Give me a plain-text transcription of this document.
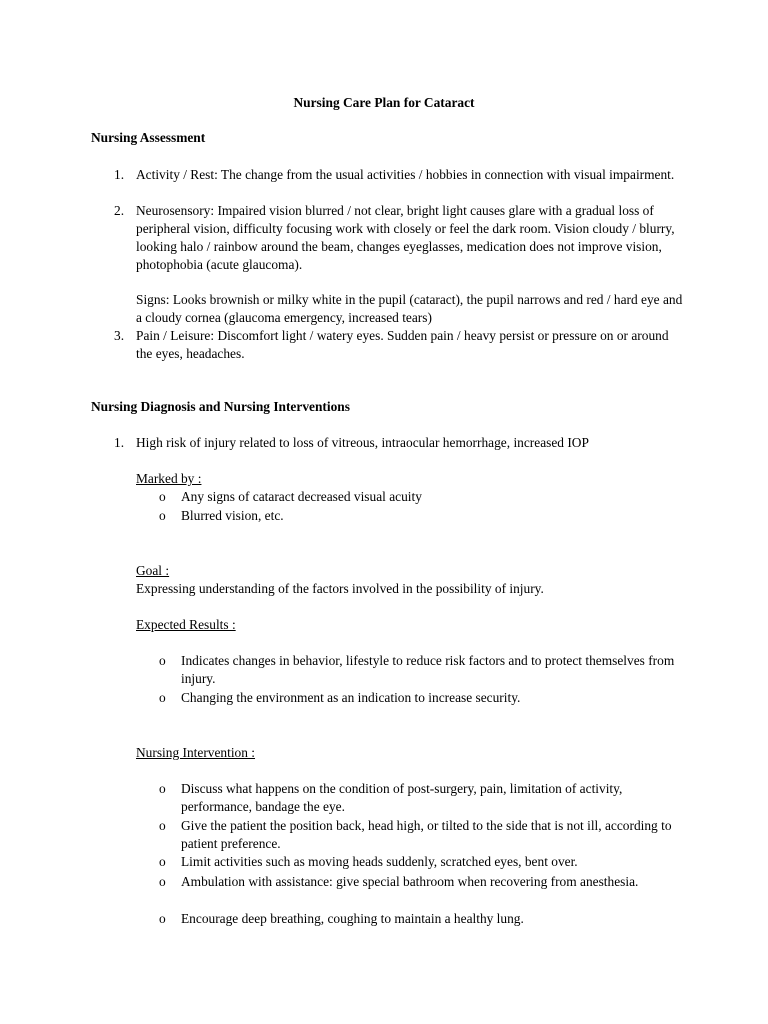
Nursing Care Plan for Cataract
Nursing Assessment
1. Activity / Rest: The change from the usual activities / hobbies in connection with visual impairment.
2. Neurosensory: Impaired vision blurred / not clear, bright light causes glare with a gradual loss of peripheral vision, difficulty focusing work with closely or feel the dark room. Vision cloudy / blurry, looking halo / rainbow around the beam, changes eyeglasses, medication does not improve vision, photophobia (acute glaucoma).
Signs: Looks brownish or milky white in the pupil (cataract), the pupil narrows and red / hard eye and a cloudy cornea (glaucoma emergency, increased tears)
3. Pain / Leisure: Discomfort light / watery eyes. Sudden pain / heavy persist or pressure on or around the eyes, headaches.
Nursing Diagnosis and Nursing Interventions
1. High risk of injury related to loss of vitreous, intraocular hemorrhage, increased IOP
Marked by :
o Any signs of cataract decreased visual acuity
o Blurred vision, etc.
Goal :
Expressing understanding of the factors involved in the possibility of injury.
Expected Results :
o Indicates changes in behavior, lifestyle to reduce risk factors and to protect themselves from injury.
o Changing the environment as an indication to increase security.
Nursing Intervention :
o Discuss what happens on the condition of post-surgery, pain, limitation of activity, performance, bandage the eye.
o Give the patient the position back, head high, or tilted to the side that is not ill, according to patient preference.
o Limit activities such as moving heads suddenly, scratched eyes, bent over.
o Ambulation with assistance: give special bathroom when recovering from anesthesia.
o Encourage deep breathing, coughing to maintain a healthy lung.
